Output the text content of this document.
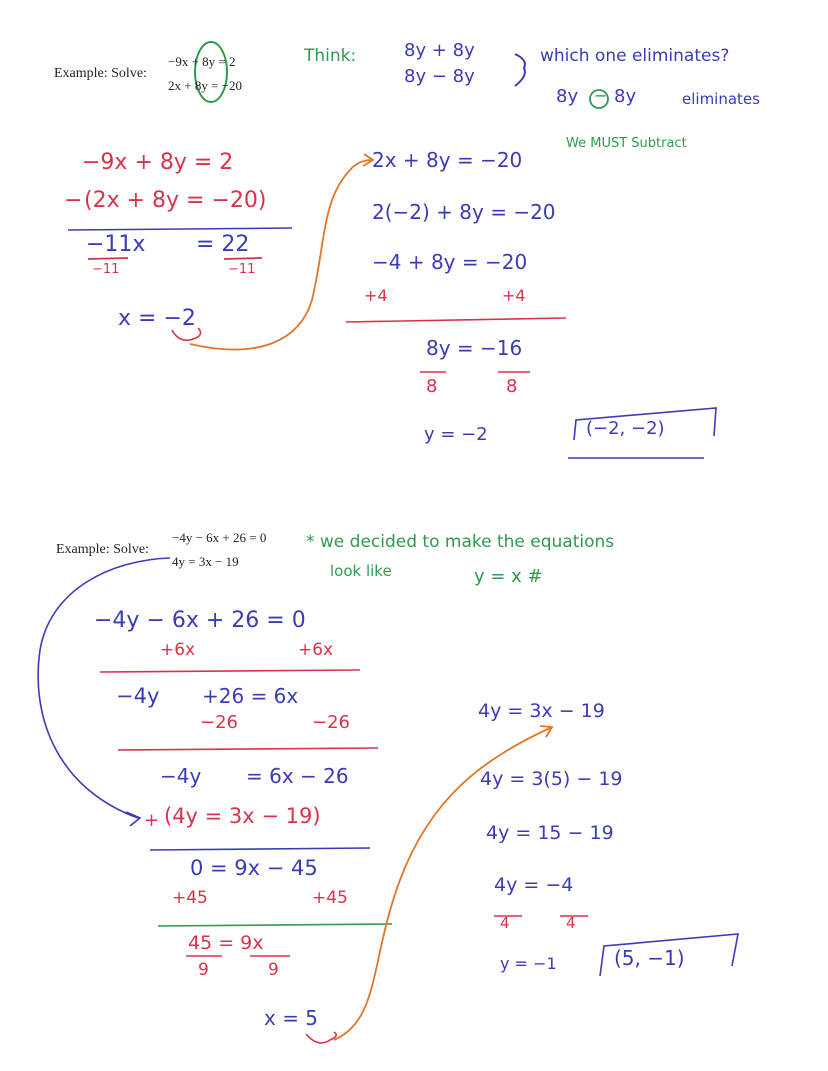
Example: Solve:
−9x + 8y = 2
2x + 8y = −20
Think:	8y + 8y
8y − 8y
which one eliminates?
8y − 8y	eliminates
We MUST Subtract
−9x + 8y = 2
− (2x + 8y = −20)
−11x = 22
−11	−11
x = −2
2x + 8y = −20
2(−2) + 8y = −20
−4 + 8y = −20
+4	+4
8y = −16
8	8
y = −2	(−2, −2)
Example: Solve:
−4y − 6x + 26 = 0
4y = 3x − 19
* we decided to make the equations
look like	y = x #
−4y − 6x + 26 = 0
+6x	+6x
−4y +26 = 6x
−26	−26
−4y = 6x − 26
+ (4y = 3x − 19)
0 = 9x − 45
+45	+45
45 = 9x
9	9
x = 5
4y = 3x − 19
4y = 3(5) − 19
4y = 15 − 19
4y = −4
4	4
y = −1	(5, −1)
